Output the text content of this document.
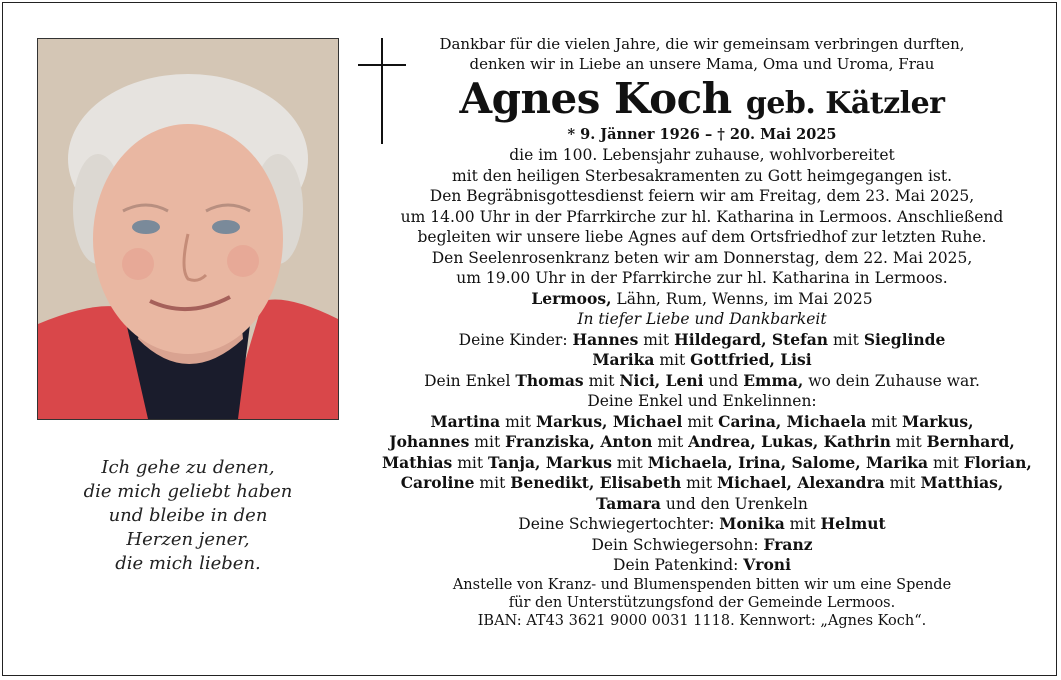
Ich gehe zu denen,
die mich geliebt haben
und bleibe in den
Herzen jener,
die mich lieben.
Dankbar für die vielen Jahre, die wir gemeinsam verbringen durften,
denken wir in Liebe an unsere Mama, Oma und Uroma, Frau
Agnes Koch geb. Kätzler
* 9. Jänner 1926 – † 20. Mai 2025
die im 100. Lebensjahr zuhause, wohlvorbereitet
mit den heiligen Sterbesakramenten zu Gott heimgegangen ist.
Den Begräbnisgottesdienst feiern wir am Freitag, dem 23. Mai 2025,
um 14.00 Uhr in der Pfarrkirche zur hl. Katharina in Lermoos. Anschließend
begleiten wir unsere liebe Agnes auf dem Ortsfriedhof zur letzten Ruhe.
Den Seelenrosenkranz beten wir am Donnerstag, dem 22. Mai 2025,
um 19.00 Uhr in der Pfarrkirche zur hl. Katharina in Lermoos.
Lermoos, Lähn, Rum, Wenns, im Mai 2025
In tiefer Liebe und Dankbarkeit
Deine Kinder: Hannes mit Hildegard, Stefan mit Sieglinde
Marika mit Gottfried, Lisi
Dein Enkel Thomas mit Nici, Leni und Emma, wo dein Zuhause war.
Deine Enkel und Enkelinnen:
Martina mit Markus, Michael mit Carina, Michaela mit Markus,
Johannes mit Franziska, Anton mit Andrea, Lukas, Kathrin mit Bernhard,
Mathias mit Tanja, Markus mit Michaela, Irina, Salome, Marika mit Florian,
Caroline mit Benedikt, Elisabeth mit Michael, Alexandra mit Matthias,
Tamara und den Urenkeln
Deine Schwiegertochter: Monika mit Helmut
Dein Schwiegersohn: Franz
Dein Patenkind: Vroni
Anstelle von Kranz- und Blumenspenden bitten wir um eine Spende
für den Unterstützungsfond der Gemeinde Lermoos.
IBAN: AT43 3621 9000 0031 1118. Kennwort: „Agnes Koch“.
